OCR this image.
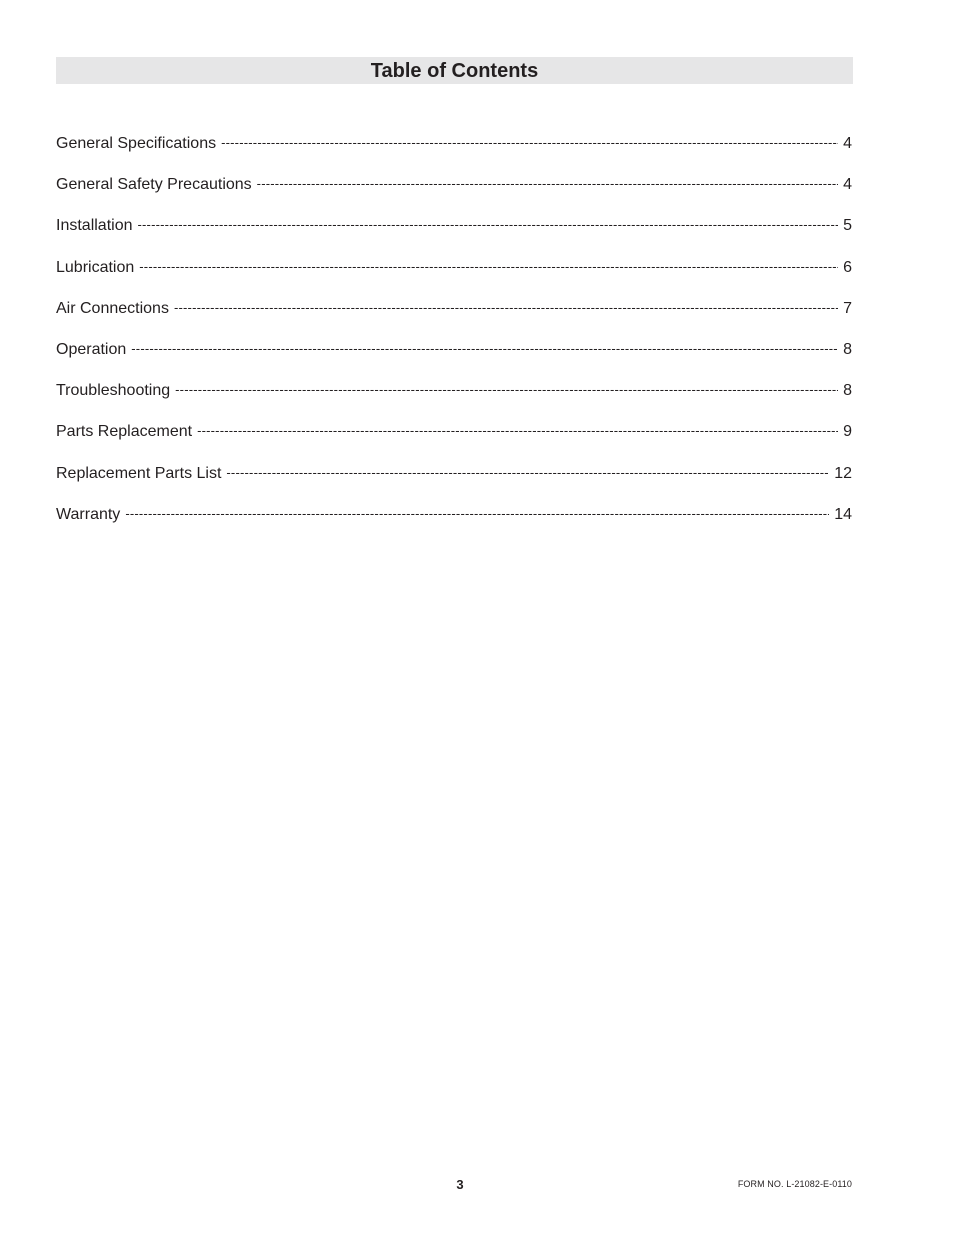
Table of Contents
General Specifications -----	4
General Safety Precautions -----	4
Installation -----	5
Lubrication -----	6
Air Connections -----	7
Operation -----	8
Troubleshooting -----	8
Parts Replacement -----	9
Replacement Parts List -----	12
Warranty -----	14
3	FORM NO. L-21082-E-0110
